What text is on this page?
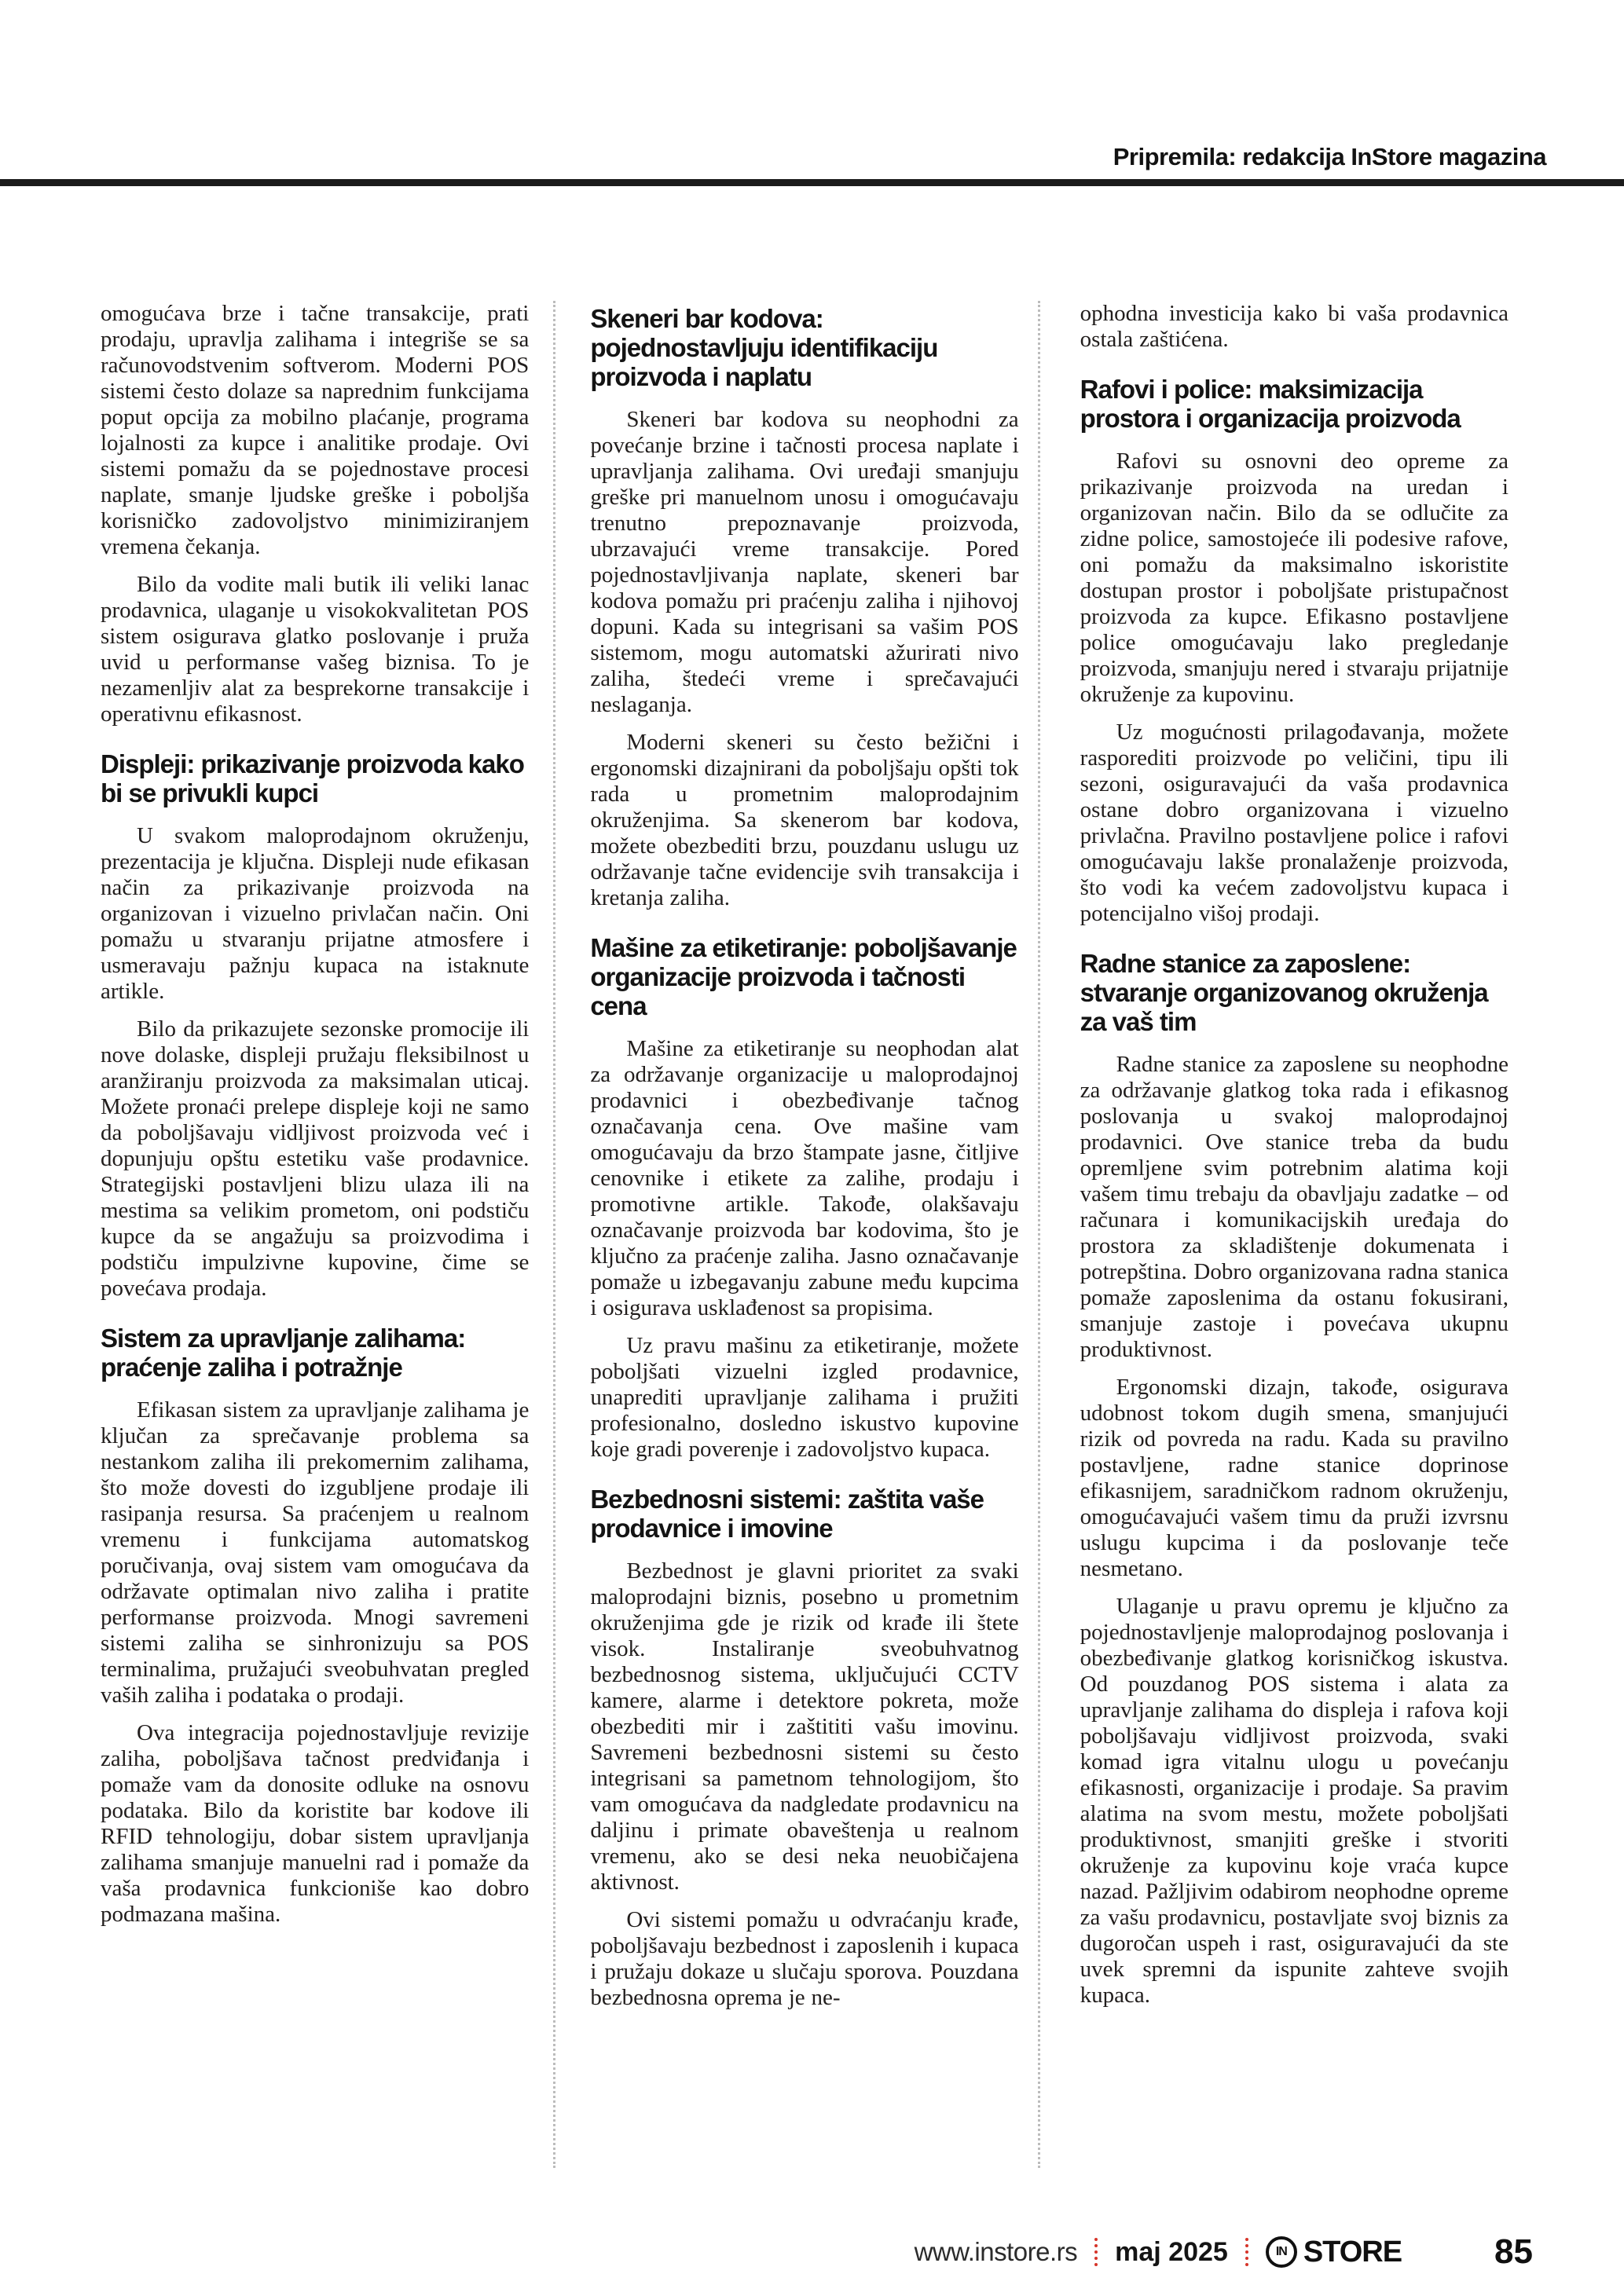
Pripremila: redakcija InStore magazina

omogućava brze i tačne transakcije, prati prodaju, upravlja zalihama i integriše se sa računovodstvenim softverom. Moderni POS sistemi često dolaze sa naprednim funkcijama poput opcija za mobilno plaćanje, programa lojalnosti za kupce i analitike prodaje. Ovi sistemi pomažu da se pojednostave procesi naplate, smanje ljudske greške i poboljša korisničko zadovoljstvo minimiziranjem vremena čekanja.

Bilo da vodite mali butik ili veliki lanac prodavnica, ulaganje u visokokvalitetan POS sistem osigurava glatko poslovanje i pruža uvid u performanse vašeg biznisa. To je nezamenljiv alat za besprekorne transakcije i operativnu efikasnost.

Displeji: prikazivanje proizvoda kako bi se privukli kupci

U svakom maloprodajnom okruženju, prezentacija je ključna. Displeji nude efikasan način za prikazivanje proizvoda na organizovan i vizuelno privlačan način. Oni pomažu u stvaranju prijatne atmosfere i usmeravaju pažnju kupaca na istaknute artikle.

Bilo da prikazujete sezonske promocije ili nove dolaske, displeji pružaju fleksibilnost u aranžiranju proizvoda za maksimalan uticaj. Možete pronaći prelepe displeje koji ne samo da poboljšavaju vidljivost proizvoda već i dopunjuju opštu estetiku vaše prodavnice. Strategijski postavljeni blizu ulaza ili na mestima sa velikim prometom, oni podstiču kupce da se angažuju sa proizvodima i podstiču impulzivne kupovine, čime se povećava prodaja.

Sistem za upravljanje zalihama: praćenje zaliha i potražnje

Efikasan sistem za upravljanje zalihama je ključan za sprečavanje problema sa nestankom zaliha ili prekomernim zalihama, što može dovesti do izgubljene prodaje ili rasipanja resursa. Sa praćenjem u realnom vremenu i funkcijama automatskog poručivanja, ovaj sistem vam omogućava da održavate optimalan nivo zaliha i pratite performanse proizvoda. Mnogi savremeni sistemi zaliha se sinhronizuju sa POS terminalima, pružajući sveobuhvatan pregled vaših zaliha i podataka o prodaji.

Ova integracija pojednostavljuje revizije zaliha, poboljšava tačnost predviđanja i pomaže vam da donosite odluke na osnovu podataka. Bilo da koristite bar kodove ili RFID tehnologiju, dobar sistem upravljanja zalihama smanjuje manuelni rad i pomaže da vaša prodavnica funkcioniše kao dobro podmazana mašina.

Skeneri bar kodova: pojednostavljuju identifikaciju proizvoda i naplatu

Skeneri bar kodova su neophodni za povećanje brzine i tačnosti procesa naplate i upravljanja zalihama. Ovi uređaji smanjuju greške pri manuelnom unosu i omogućavaju trenutno prepoznavanje proizvoda, ubrzavajući vreme transakcije. Pored pojednostavljivanja naplate, skeneri bar kodova pomažu pri praćenju zaliha i njihovoj dopuni. Kada su integrisani sa vašim POS sistemom, mogu automatski ažurirati nivo zaliha, štedeći vreme i sprečavajući neslaganja.

Moderni skeneri su često bežični i ergonomski dizajnirani da poboljšaju opšti tok rada u prometnim maloprodajnim okruženjima. Sa skenerom bar kodova, možete obezbediti brzu, pouzdanu uslugu uz održavanje tačne evidencije svih transakcija i kretanja zaliha.

Mašine za etiketiranje: poboljšavanje organizacije proizvoda i tačnosti cena

Mašine za etiketiranje su neophodan alat za održavanje organizacije u maloprodajnoj prodavnici i obezbeđivanje tačnog označavanja cena. Ove mašine vam omogućavaju da brzo štampate jasne, čitljive cenovnike i etikete za zalihe, prodaju i promotivne artikle. Takođe, olakšavaju označavanje proizvoda bar kodovima, što je ključno za praćenje zaliha. Jasno označavanje pomaže u izbegavanju zabune među kupcima i osigurava usklađenost sa propisima.

Uz pravu mašinu za etiketiranje, možete poboljšati vizuelni izgled prodavnice, unaprediti upravljanje zalihama i pružiti profesionalno, dosledno iskustvo kupovine koje gradi poverenje i zadovoljstvo kupaca.

Bezbednosni sistemi: zaštita vaše prodavnice i imovine

Bezbednost je glavni prioritet za svaki maloprodajni biznis, posebno u prometnim okruženjima gde je rizik od krađe ili štete visok. Instaliranje sveobuhvatnog bezbednosnog sistema, uključujući CCTV kamere, alarme i detektore pokreta, može obezbediti mir i zaštititi vašu imovinu. Savremeni bezbednosni sistemi su često integrisani sa pametnom tehnologijom, što vam omogućava da nadgledate prodavnicu na daljinu i primate obaveštenja u realnom vremenu, ako se desi neka neuobičajena aktivnost.

Ovi sistemi pomažu u odvraćanju krađe, poboljšavaju bezbednost i zaposlenih i kupaca i pružaju dokaze u slučaju sporova. Pouzdana bezbednosna oprema je ne-

ophodna investicija kako bi vaša prodavnica ostala zaštićena.

Rafovi i police: maksimizacija prostora i organizacija proizvoda

Rafovi su osnovni deo opreme za prikazivanje proizvoda na uredan i organizovan način. Bilo da se odlučite za zidne police, samostojeće ili podesive rafove, oni pomažu da maksimalno iskoristite dostupan prostor i poboljšate pristupačnost proizvoda za kupce. Efikasno postavljene police omogućavaju lako pregledanje proizvoda, smanjuju nered i stvaraju prijatnije okruženje za kupovinu.

Uz mogućnosti prilagođavanja, možete rasporediti proizvode po veličini, tipu ili sezoni, osiguravajući da vaša prodavnica ostane dobro organizovana i vizuelno privlačna. Pravilno postavljene police i rafovi omogućavaju lakše pronalaženje proizvoda, što vodi ka većem zadovoljstvu kupaca i potencijalno višoj prodaji.

Radne stanice za zaposlene: stvaranje organizovanog okruženja za vaš tim

Radne stanice za zaposlene su neophodne za održavanje glatkog toka rada i efikasnog poslovanja u svakoj maloprodajnoj prodavnici. Ove stanice treba da budu opremljene svim potrebnim alatima koji vašem timu trebaju da obavljaju zadatke – od računara i komunikacijskih uređaja do prostora za skladištenje dokumenata i potrepština. Dobro organizovana radna stanica pomaže zaposlenima da ostanu fokusirani, smanjuje zastoje i povećava ukupnu produktivnost.

Ergonomski dizajn, takođe, osigurava udobnost tokom dugih smena, smanjujući rizik od povreda na radu. Kada su pravilno postavljene, radne stanice doprinose efikasnijem, saradničkom radnom okruženju, omogućavajući vašem timu da pruži izvrsnu uslugu kupcima i da poslovanje teče nesmetano.

Ulaganje u pravu opremu je ključno za pojednostavljenje maloprodajnog poslovanja i obezbeđivanje glatkog korisničkog iskustva. Od pouzdanog POS sistema i alata za upravljanje zalihama do displeja i rafova koji poboljšavaju vidljivost proizvoda, svaki komad igra vitalnu ulogu u povećanju efikasnosti, organizacije i prodaje. Sa pravim alatima na svom mestu, možete poboljšati produktivnost, smanjiti greške i stvoriti okruženje za kupovinu koje vraća kupce nazad. Pažljivim odabirom neophodne opreme za vašu prodavnicu, postavljate svoj biznis za dugoročan uspeh i rast, osiguravajući da ste uvek spremni da ispunite zahteve svojih kupaca.

www.instore.rs maj 2025	IN STORE	85
